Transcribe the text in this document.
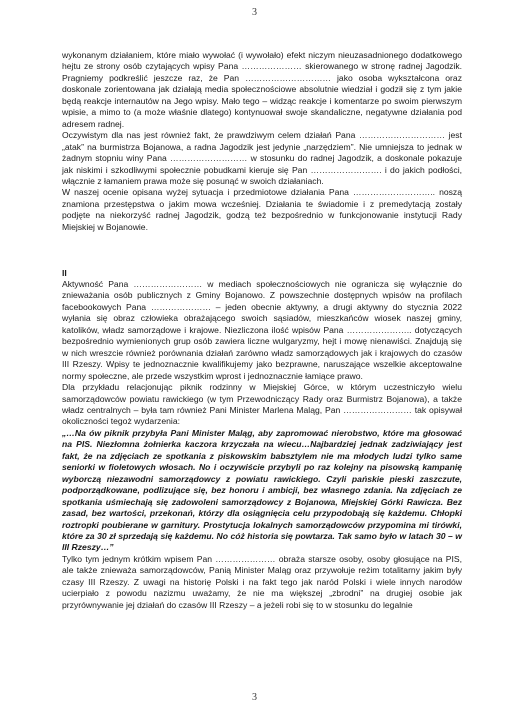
3

wykonanym działaniem, które miało wywołać (i wywołało) efekt niczym nieuzasadnionego dodatkowego hejtu ze strony osób czytających wpisy Pana ………………… skierowanego w stronę radnej Jagodzik. Pragniemy podkreślić jeszcze raz, że Pan ………………………… jako osoba wykształcona oraz doskonale zorientowana jak działają media społecznościowe absolutnie wiedział i godził się z tym jakie będą reakcje internautów na Jego wpisy. Mało tego – widząc reakcje i komentarze po swoim pierwszym wpisie, a mimo to (a może właśnie dlatego) kontynuował swoje skandaliczne, negatywne działania pod adresem radnej.

Oczywistym dla nas jest również fakt, że prawdziwym celem działań Pana ………………………… jest „atak” na burmistrza Bojanowa, a radna Jagodzik jest jedynie „narzędziem”. Nie umniejsza to jednak w żadnym stopniu winy Pana ……………………… w stosunku do radnej Jagodzik, a doskonale pokazuje jak niskimi i szkodliwymi społecznie pobudkami kieruje się Pan ……………………. i do jakich podłości, włącznie z łamaniem prawa może się posunąć w swoich działaniach.

W naszej ocenie opisana wyżej sytuacja i przedmiotowe działania Pana ……………………….. noszą znamiona przestępstwa o jakim mowa wcześniej. Działania te świadomie i z premedytacją zostały podjęte na niekorzyść radnej Jagodzik, godzą też bezpośrednio w funkcjonowanie instytucji Rady Miejskiej w Bojanowie.

II

Aktywność Pana …………………… w mediach społecznościowych nie ogranicza się wyłącznie do znieważania osób publicznych z Gminy Bojanowo. Z powszechnie dostępnych wpisów na profilach facebookowych Pana ………………… – jeden obecnie aktywny, a drugi aktywny do stycznia 2022 wyłania się obraz człowieka obrażającego swoich sąsiadów, mieszkańców wiosek naszej gminy, katolików, władz samorządowe i krajowe. Niezliczona ilość wpisów Pana ………………….. dotyczących bezpośrednio wymienionych grup osób zawiera liczne wulgaryzmy, hejt i mowę nienawiści. Znajdują się w nich wreszcie również porównania działań zarówno władz samorządowych jak i krajowych do czasów III Rzeszy. Wpisy te jednoznacznie kwalifikujemy jako bezprawne, naruszające wszelkie akceptowalne normy społeczne, ale przede wszystkim wprost i jednoznacznie łamiące prawo.

Dla przykładu relacjonując piknik rodzinny w Miejskiej Górce, w którym uczestniczyło wielu samorządowców powiatu rawickiego (w tym Przewodniczący Rady oraz Burmistrz Bojanowa), a także władz centralnych – była tam również Pani Minister Marlena Maląg, Pan …………………… tak opisywał okoliczności tegoż wydarzenia:

„…Na ów piknik przybyła Pani Minister Maląg, aby zapromować nierobstwo, które ma głosować na PIS. Niezłomna żołnierka kaczora krzyczała na wiecu…Najbardziej jednak zadziwiający jest fakt, że na zdjęciach ze spotkania z piskowskim babsztylem nie ma młodych ludzi tylko same seniorki w fioletowych włosach. No i oczywiście przybyli po raz kolejny na pisowską kampanię wyborczą niezawodni samorządowcy z powiatu rawickiego. Czyli pańskie pieski zaszczute, podporządkowane, podlizujące się, bez honoru i ambicji, bez własnego zdania. Na zdjęciach ze spotkania uśmiechają się zadowoleni samorządowcy z Bojanowa, Miejskiej Górki Rawicza. Bez zasad, bez wartości, przekonań, którzy dla osiągnięcia celu przypodobają się każdemu. Chłopki roztropki poubierane w garnitury. Prostytucja lokalnych samorządowców przypomina mi tirówki, które za 30 zł sprzedają się każdemu. No cóż historia się powtarza. Tak samo było w latach 30 – w III Rzeszy…”

Tylko tym jednym krótkim wpisem Pan ………………… obraża starsze osoby, osoby głosujące na PIS, ale także znieważa samorządowców, Panią Minister Maląg oraz przywołuje reżim totalitarny jakim były czasy III Rzeszy. Z uwagi na historię Polski i na fakt tego jak naród Polski i wiele innych narodów ucierpiało z powodu nazizmu uważamy, że nie ma większej „zbrodni” na drugiej osobie jak przyrównywanie jej działań do czasów III Rzeszy – a jeżeli robi się to w stosunku do legalnie

3
